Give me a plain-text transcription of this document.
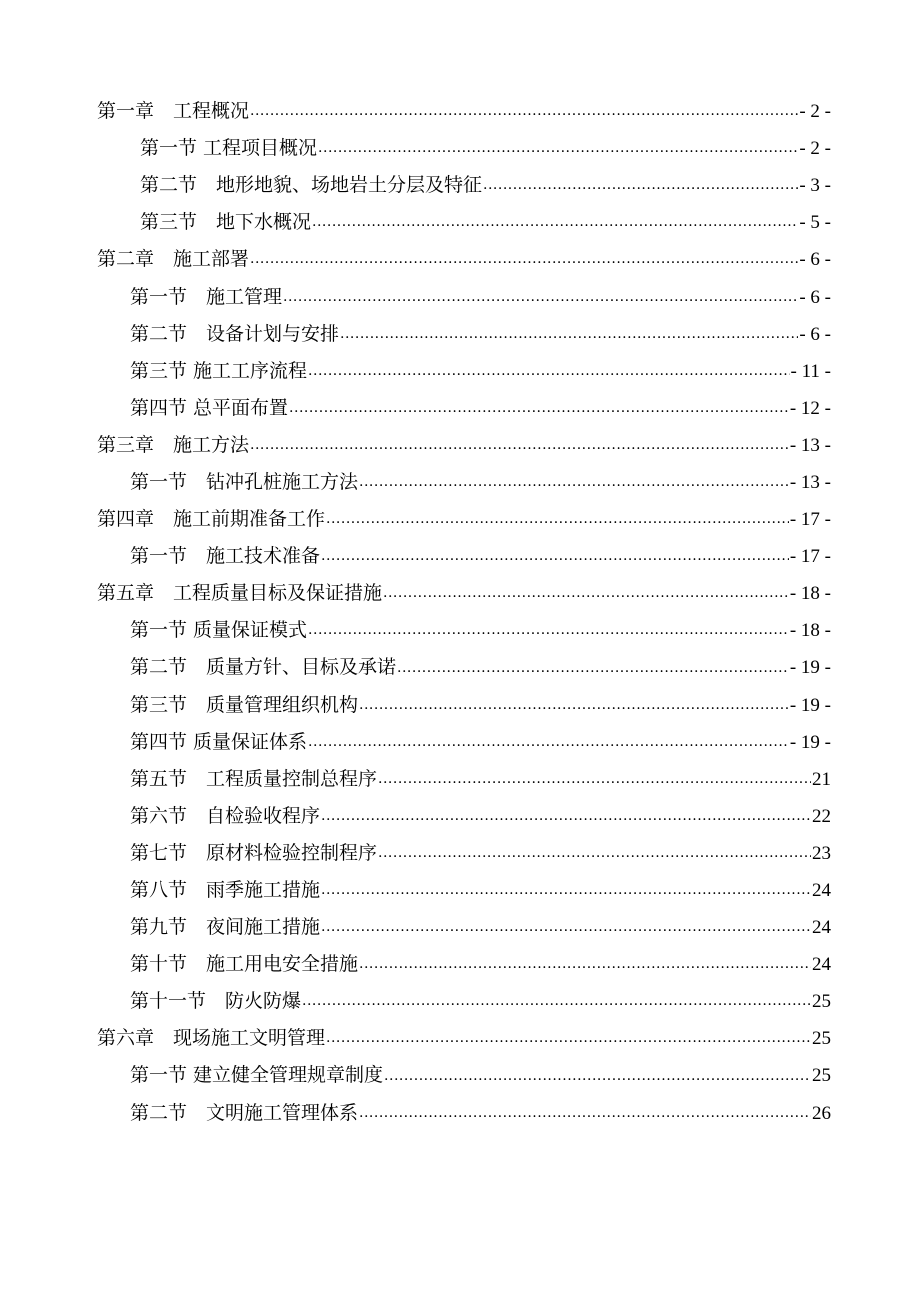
第一章　工程概况 .....	- 2 -
第一节 工程项目概况 .....	- 2 -
第二节　地形地貌、场地岩土分层及特征 .....	- 3 -
第三节　地下水概况 .....	- 5 -
第二章　施工部署 .....	- 6 -
第一节　施工管理 .....	- 6 -
第二节　设备计划与安排 .....	- 6 -
第三节 施工工序流程 .....	- 11 -
第四节 总平面布置 .....	- 12 -
第三章　施工方法 .....	- 13 -
第一节　钻冲孔桩施工方法 .....	- 13 -
第四章　施工前期准备工作 .....	- 17 -
第一节　施工技术准备 .....	- 17 -
第五章　工程质量目标及保证措施 .....	- 18 -
第一节 质量保证模式 .....	- 18 -
第二节　质量方针、目标及承诺 .....	- 19 -
第三节　质量管理组织机构 .....	- 19 -
第四节 质量保证体系 .....	- 19 -
第五节　工程质量控制总程序 .....	21
第六节　自检验收程序 .....	22
第七节　原材料检验控制程序 .....	23
第八节　雨季施工措施 .....	24
第九节　夜间施工措施 .....	24
第十节　施工用电安全措施 .....	24
第十一节　防火防爆 .....	25
第六章　现场施工文明管理 .....	25
第一节 建立健全管理规章制度 .....	25
第二节　文明施工管理体系 .....	26
